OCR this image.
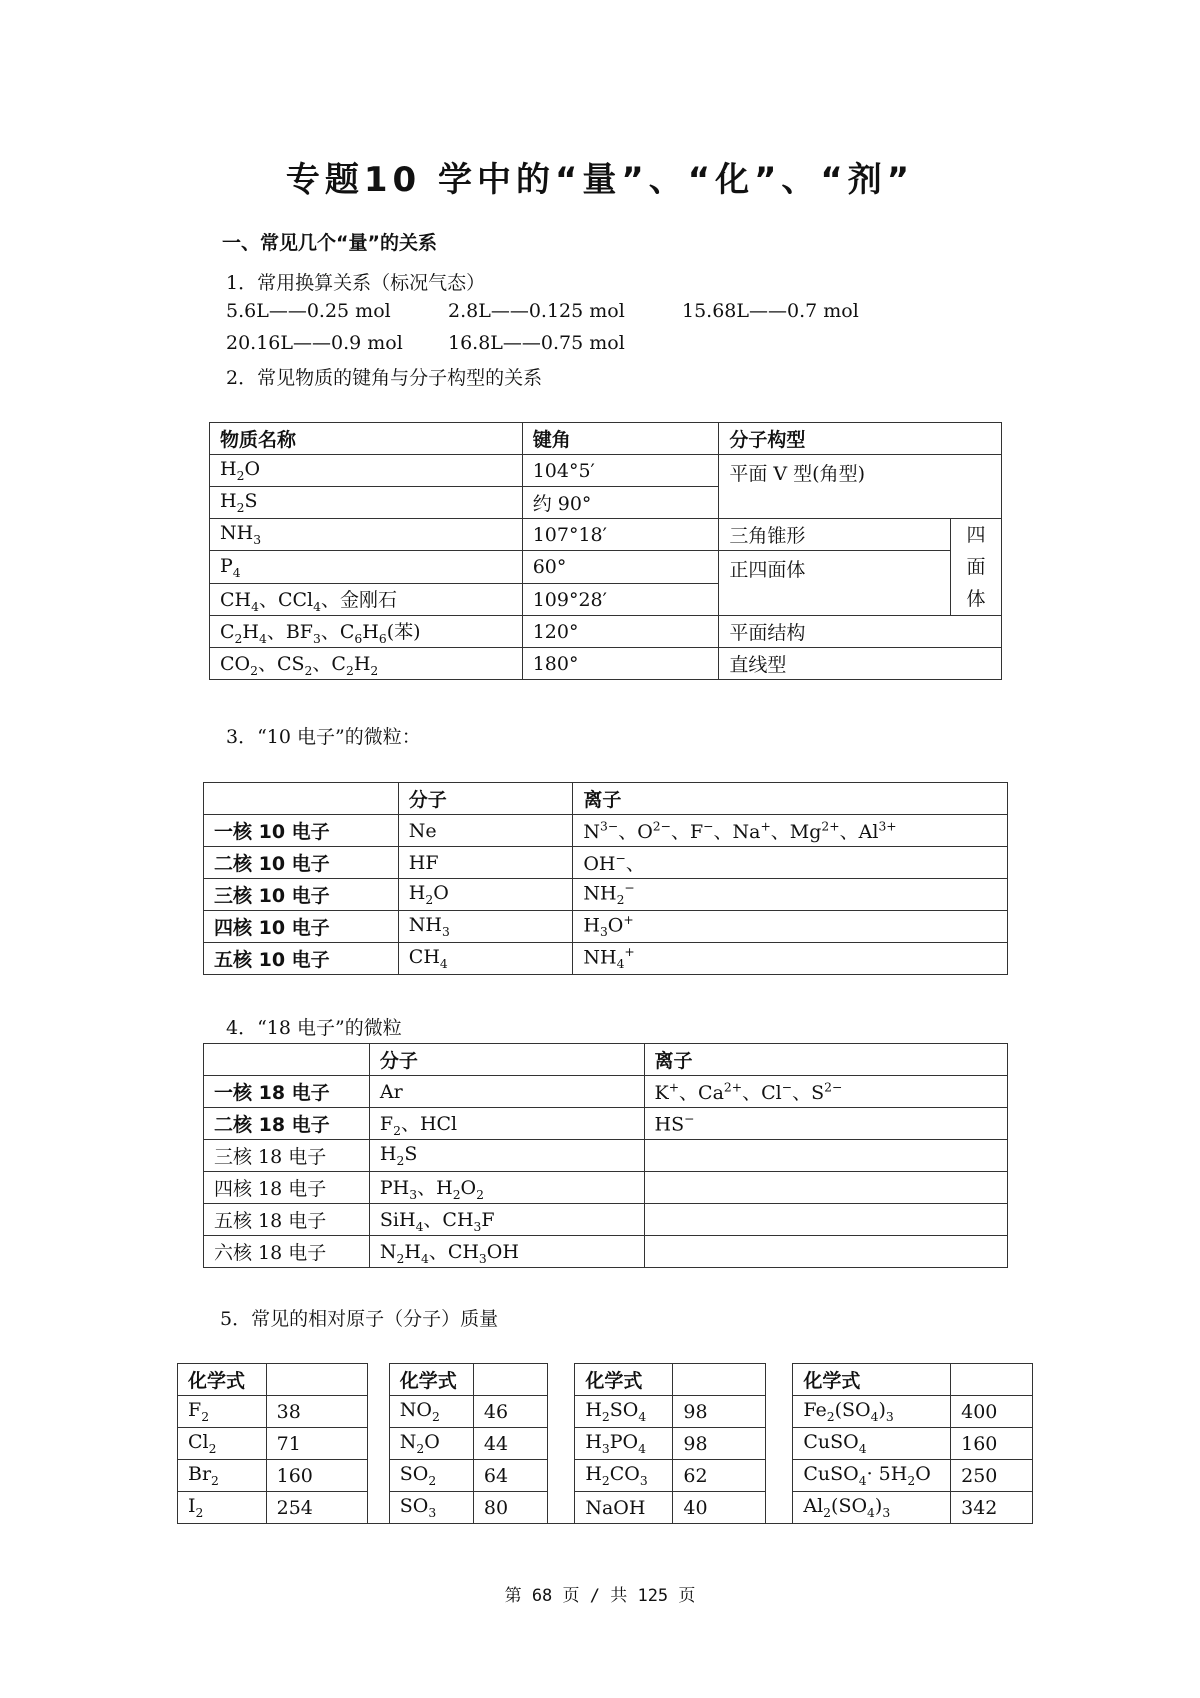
专题10 学中的“量”、“化”、“剂”
一、常见几个“量”的关系
1．常用换算关系（标况气态）
5.6L——0.25 mol	2.8L——0.125 mol	15.68L——0.7 mol
20.16L——0.9 mol 16.8L——0.75 mol
2．常见物质的键角与分子构型的关系
物质名称	键角	分子构型	
$H_2O$	104°5′	平面 V 型(角型)	
$H_2S$	约 90°		
$NH_3$	107°18′	三角锥形	四
面
体
$P_4$	60°	正四面体	
$CH_4$、CCl$_4$、金刚石	109°28′		
$C_2H_4$、$BF_3$、$C_6H_6$(苯)	120°	平面结构	
$CO_2$、$CS_2$、$C_2H_2$	180°	直线型	
3．“10 电子”的微粒：
	分子	离子
一核 10 电子	Ne	$N^{3-}$、$O^{2-}$、F−、Na+、$Mg^{2+}$、$Al^{3+}$
二核 10 电子	HF	OH−、
三核 10 电子	$H_2O$	$NH_2^-$
四核 10 电子	$NH_3$	$H_3O^+$
五核 10 电子	$CH_4$	$NH_4^+$
4．“18 电子”的微粒
	分子	离子
一核 18 电子	Ar	K+、$Ca^{2+}$、Cl−、$S^{2-}$
二核 18 电子	$F_2$、HCl	HS−
三核 18 电子	$H_2S$	
四核 18 电子	$PH_3$、$H_2O_2$	
五核 18 电子	SiH$_4$、$CH_3F$	
六核 18 电子	$N_2H_4$、$CH_3OH$	
5．常见的相对原子（分子）质量
化学式			化学式			化学式			化学式	
$F_2$	38		$NO_2$	46		$H_2SO_4$	98		$Fe_2(SO_4)_3$	400
$Cl_2$	71		$N_2O$	44		$H_3PO_4$	98		CuSO$_4$	160
$Br_2$	160		$SO_2$	64		$H_2CO_3$	62		CuSO$_4$· $5H_2O$	250
$I_2$	254		$SO_3$	80		NaOH	40		$Al_2(SO_4)_3$	342
第 68 页 / 共 125 页
